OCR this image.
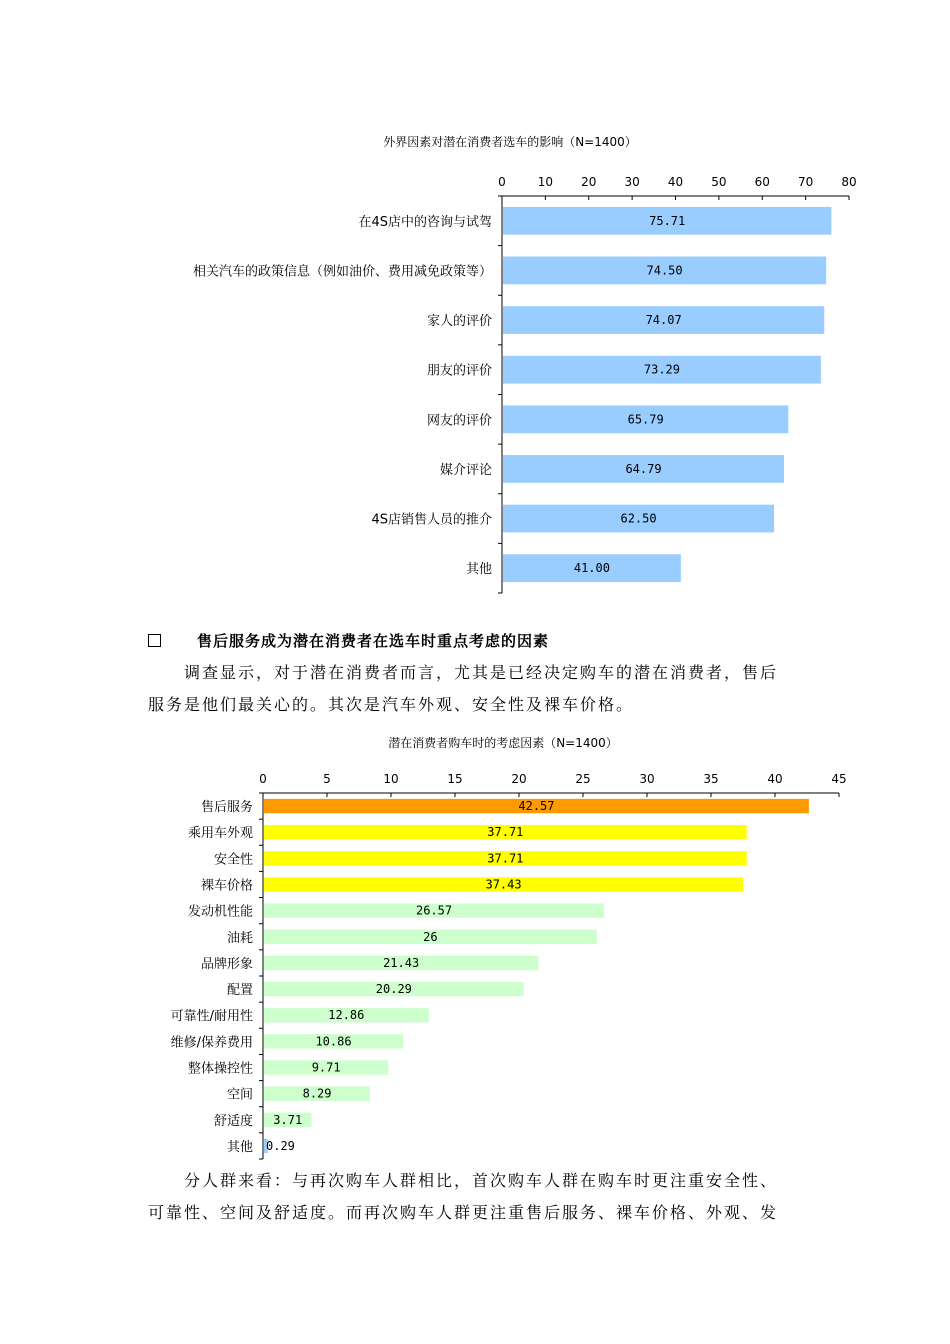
外界因素对潜在消费者选车的影响（N=1400）
0	10 20 30 40 50 60 70 80
在4S店中的咨询与试驾	75.71
相关汽车的政策信息（例如油价、费用减免政策等）	74.50
家人的评价	74.07
朋友的评价	73.29
网友的评价	65.79
媒介评论	64.79
4S店销售人员的推介	62.50
其他	41.00
售后服务成为潜在消费者在选车时重点考虑的因素

调查显示，对于潜在消费者而言，尤其是已经决定购车的潜在消费者，售后

服务是他们最关心的。其次是汽车外观、安全性及裸车价格。

潜在消费者购车时的考虑因素（N=1400）
0	5	10	15	20	25	30	35	40	45
售后服务	42.57
乘用车外观	37.71
安全性	37.71
裸车价格	37.43
发动机性能	26.57
油耗	26
品牌形象	21.43
配置	20.29
可靠性/耐用性	12.86
维修/保养费用	10.86
整体操控性	9.71
空间	8.29
舒适度 3.71
其他 0.29

分人群来看：与再次购车人群相比，首次购车人群在购车时更注重安全性、

可靠性、空间及舒适度。而再次购车人群更注重售后服务、裸车价格、外观、发
